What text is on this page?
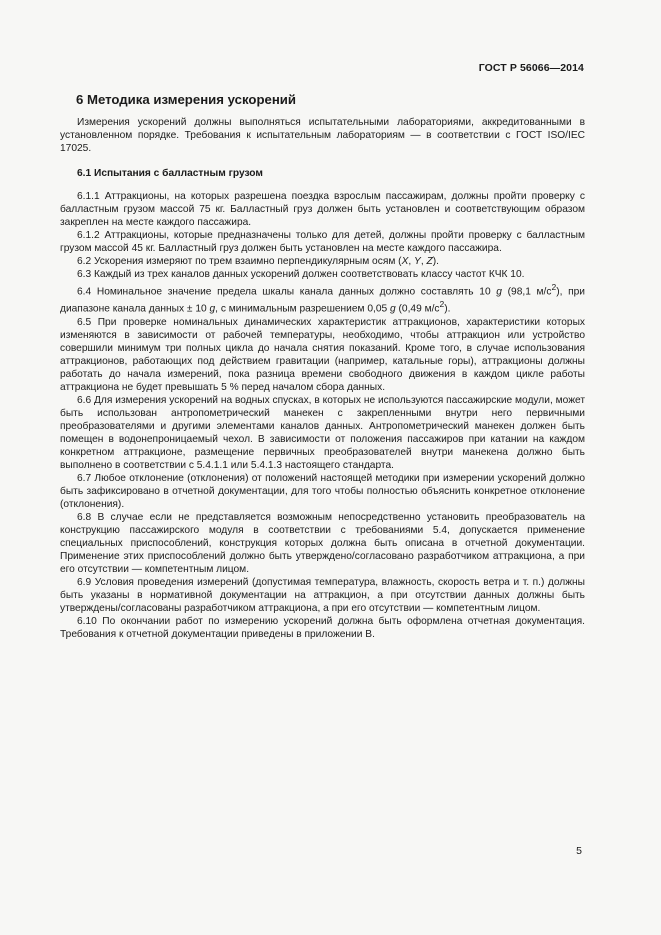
ГОСТ Р 56066—2014
6 Методика измерения ускорений

Измерения ускорений должны выполняться испытательными лабораториями, аккредитованными в установленном порядке. Требования к испытательным лабораториям — в соответствии с ГОСТ ISO/IEC 17025.

6.1 Испытания с балластным грузом

6.1.1 Аттракционы, на которых разрешена поездка взрослым пассажирам, должны пройти проверку с балластным грузом массой 75 кг. Балластный груз должен быть установлен и соответствующим образом закреплен на месте каждого пассажира.

6.1.2 Аттракционы, которые предназначены только для детей, должны пройти проверку с балластным грузом массой 45 кг. Балластный груз должен быть установлен на месте каждого пассажира.

6.2 Ускорения измеряют по трем взаимно перпендикулярным осям (X, Y, Z).

6.3 Каждый из трех каналов данных ускорений должен соответствовать классу частот КЧК 10.

6.4 Номинальное значение предела шкалы канала данных должно составлять 10 g (98,1 $м/с^2$), при диапазоне канала данных ± 10 g, с минимальным разрешением 0,05 g (0,49 $м/с^2$).

6.5 При проверке номинальных динамических характеристик аттракционов, характеристики которых изменяются в зависимости от рабочей температуры, необходимо, чтобы аттракцион или устройство совершили минимум три полных цикла до начала снятия показаний. Кроме того, в случае использования аттракционов, работающих под действием гравитации (например, катальные горы), аттракционы должны работать до начала измерений, пока разница времени свободного движения в каждом цикле работы аттракциона не будет превышать 5 % перед началом сбора данных.

6.6 Для измерения ускорений на водных спусках, в которых не используются пассажирские модули, может быть использован антропометрический манекен с закрепленными внутри него первичными преобразователями и другими элементами каналов данных. Антропометрический манекен должен быть помещен в водонепроницаемый чехол. В зависимости от положения пассажиров при катании на каждом конкретном аттракционе, размещение первичных преобразователей внутри манекена должно быть выполнено в соответствии с 5.4.1.1 или 5.4.1.3 настоящего стандарта.

6.7 Любое отклонение (отклонения) от положений настоящей методики при измерении ускорений должно быть зафиксировано в отчетной документации, для того чтобы полностью объяснить конкретное отклонение (отклонения).

6.8 В случае если не представляется возможным непосредственно установить преобразователь на конструкцию пассажирского модуля в соответствии с требованиями 5.4, допускается применение специальных приспособлений, конструкция которых должна быть описана в отчетной документации. Применение этих приспособлений должно быть утверждено/согласовано разработчиком аттракциона, а при его отсутствии — компетентным лицом.

6.9 Условия проведения измерений (допустимая температура, влажность, скорость ветра и т. п.) должны быть указаны в нормативной документации на аттракцион, а при отсутствии данных должны быть утверждены/согласованы разработчиком аттракциона, а при его отсутствии — компетентным лицом.

6.10 По окончании работ по измерению ускорений должна быть оформлена отчетная документация. Требования к отчетной документации приведены в приложении В.

5
